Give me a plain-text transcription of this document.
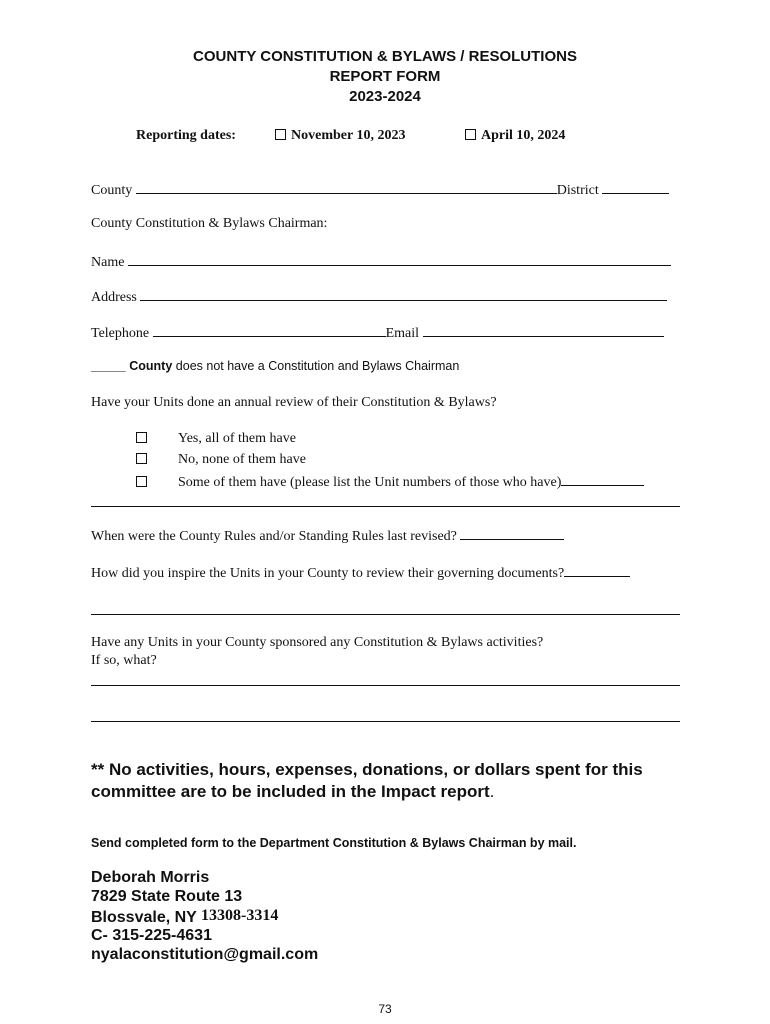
COUNTY CONSTITUTION & BYLAWS / RESOLUTIONS
REPORT FORM
2023-2024
Reporting dates:	November 10, 2023	April 10, 2024
County	District
County Constitution & Bylaws Chairman:
Name
Address
Telephone	Email
_____ County does not have a Constitution and Bylaws Chairman
Have your Units done an annual review of their Constitution & Bylaws?
Yes, all of them have
No, none of them have
Some of them have (please list the Unit numbers of those who have)
When were the County Rules and/or Standing Rules last revised?
How did you inspire the Units in your County to review their governing documents?
Have any Units in your County sponsored any Constitution & Bylaws activities?
If so, what?
** No activities, hours, expenses, donations, or dollars spent for this committee are to be included in the Impact report.
Send completed form to the Department Constitution & Bylaws Chairman by mail.
Deborah Morris
7829 State Route 13
Blossvale, NY 13308-3314
C- 315-225-4631
nyalaconstitution@gmail.com
73
